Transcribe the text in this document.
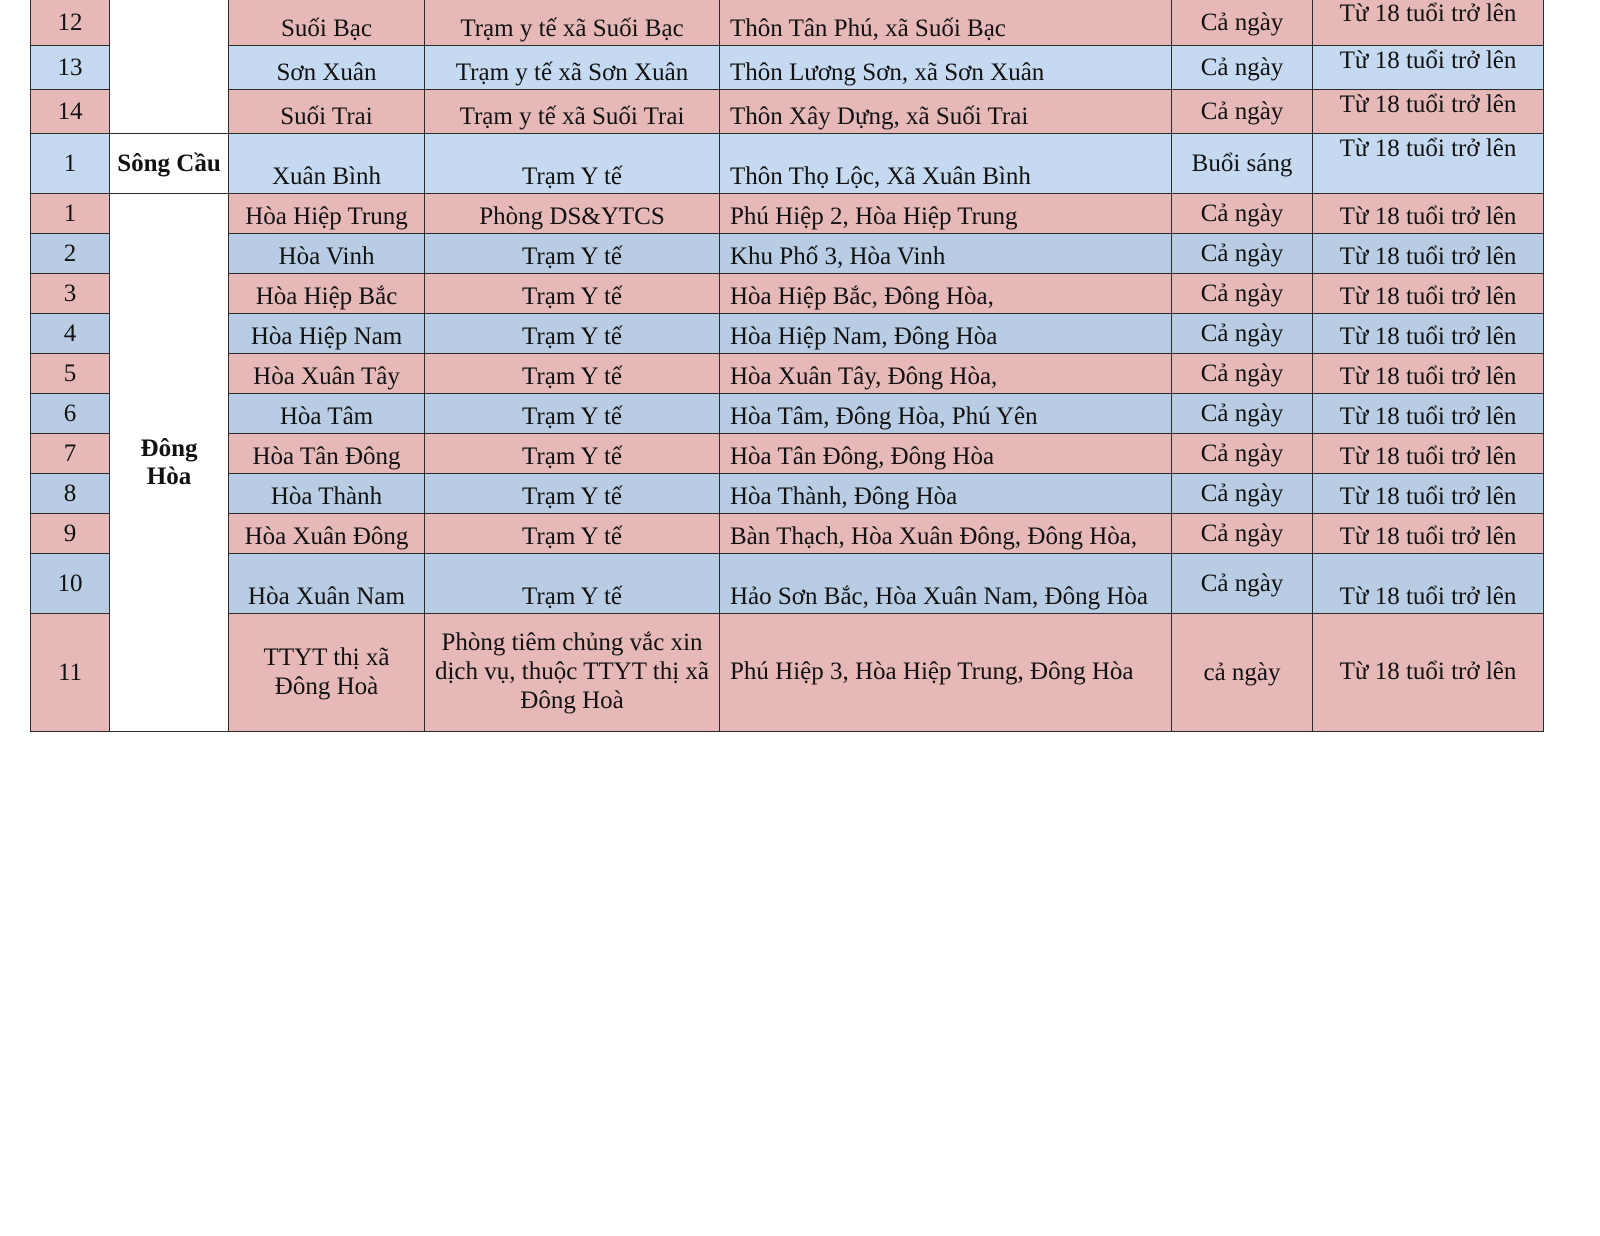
12		Suối Bạc	Trạm y tế xã Suối Bạc	Thôn Tân Phú, xã Suối Bạc	Cả ngày	Từ 18 tuổi trở lên
13		Sơn Xuân	Trạm y tế xã Sơn Xuân	Thôn Lương Sơn, xã Sơn Xuân	Cả ngày	Từ 18 tuổi trở lên
14		Suối Trai	Trạm y tế xã Suối Trai	Thôn Xây Dựng, xã Suối Trai	Cả ngày	Từ 18 tuổi trở lên
1	Sông Cầu	Xuân Bình	Trạm Y tế	Thôn Thọ Lộc, Xã Xuân Bình	Buổi sáng	Từ 18 tuổi trở lên
1	Đông Hòa	Hòa Hiệp Trung	Phòng DS&YTCS	Phú Hiệp 2, Hòa Hiệp Trung	Cả ngày	Từ 18 tuổi trở lên
2		Hòa Vinh	Trạm Y tế	Khu Phố 3, Hòa Vinh	Cả ngày	Từ 18 tuổi trở lên
3		Hòa Hiệp Bắc	Trạm Y tế	Hòa Hiệp Bắc, Đông Hòa,	Cả ngày	Từ 18 tuổi trở lên
4		Hòa Hiệp Nam	Trạm Y tế	Hòa Hiệp Nam, Đông Hòa	Cả ngày	Từ 18 tuổi trở lên
5		Hòa Xuân Tây	Trạm Y tế	Hòa Xuân Tây, Đông Hòa,	Cả ngày	Từ 18 tuổi trở lên
6		Hòa Tâm	Trạm Y tế	Hòa Tâm, Đông Hòa, Phú Yên	Cả ngày	Từ 18 tuổi trở lên
7		Hòa Tân Đông	Trạm Y tế	Hòa Tân Đông, Đông Hòa	Cả ngày	Từ 18 tuổi trở lên
8		Hòa Thành	Trạm Y tế	Hòa Thành, Đông Hòa	Cả ngày	Từ 18 tuổi trở lên
9		Hòa Xuân Đông	Trạm Y tế	Bàn Thạch, Hòa Xuân Đông, Đông Hòa,	Cả ngày	Từ 18 tuổi trở lên
10		Hòa Xuân Nam	Trạm Y tế	Hảo Sơn Bắc, Hòa Xuân Nam, Đông Hòa	Cả ngày	Từ 18 tuổi trở lên
11		TTYT thị xã Đông Hoà	Phòng tiêm chủng vắc xin dịch vụ, thuộc TTYT thị xã Đông Hoà	Phú Hiệp 3, Hòa Hiệp Trung, Đông Hòa	cả ngày	Từ 18 tuổi trở lên
